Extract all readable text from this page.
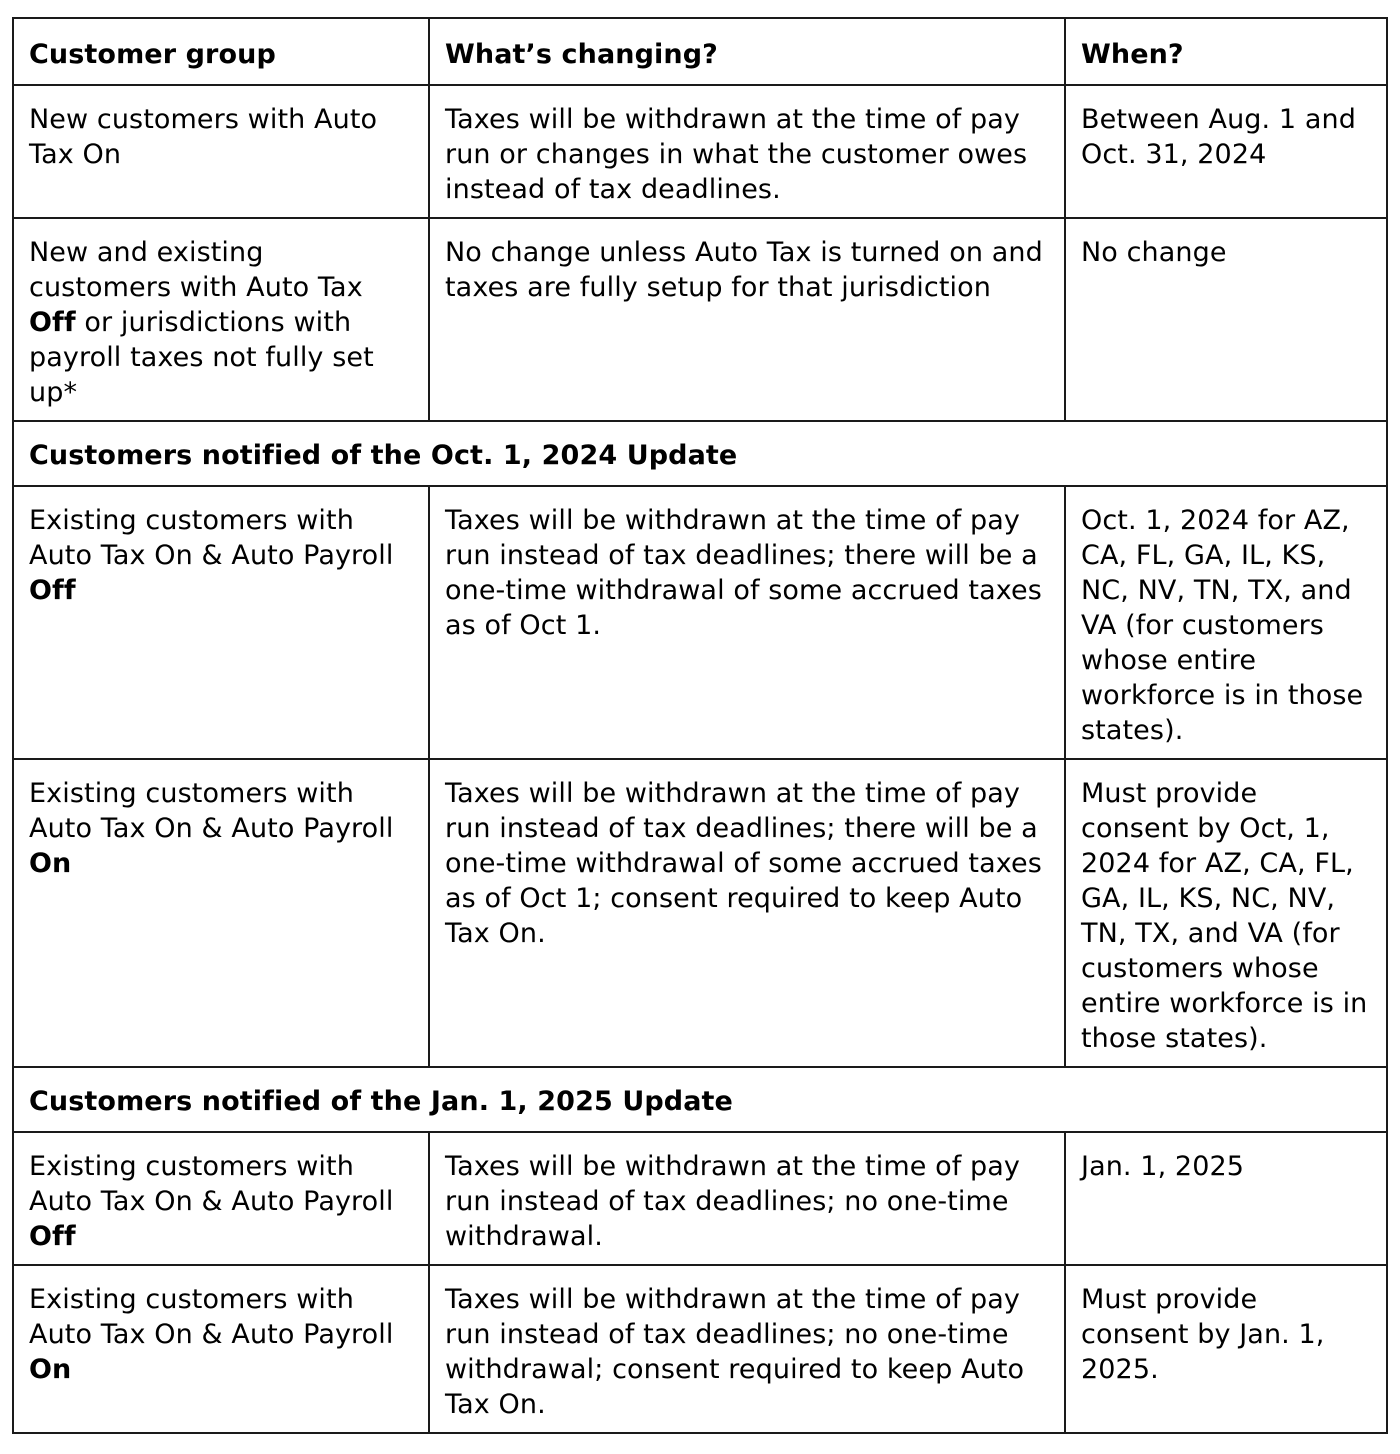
Customer group	What’s changing?	When?
New customers with Auto Tax On	Taxes will be withdrawn at the time of pay run or changes in what the customer owes instead of tax deadlines.	Between Aug. 1 and Oct. 31, 2024
New and existing customers with Auto Tax Off or jurisdictions with payroll taxes not fully set up*	No change unless Auto Tax is turned on and taxes are fully setup for that jurisdiction	No change
Customers notified of the Oct. 1, 2024 Update		
Existing customers with Auto Tax On & Auto Payroll Off	Taxes will be withdrawn at the time of pay run instead of tax deadlines; there will be a one-time withdrawal of some accrued taxes as of Oct 1.	Oct. 1, 2024 for AZ, CA, FL, GA, IL, KS, NC, NV, TN, TX, and VA (for customers whose entire workforce is in those states).
Existing customers with Auto Tax On & Auto Payroll On	Taxes will be withdrawn at the time of pay run instead of tax deadlines; there will be a one-time withdrawal of some accrued taxes as of Oct 1; consent required to keep Auto Tax On.	Must provide consent by Oct, 1, 2024 for AZ, CA, FL, GA, IL, KS, NC, NV, TN, TX, and VA (for customers whose entire workforce is in those states).
Customers notified of the Jan. 1, 2025 Update		
Existing customers with Auto Tax On & Auto Payroll Off	Taxes will be withdrawn at the time of pay run instead of tax deadlines; no one-time withdrawal.	Jan. 1, 2025
Existing customers with Auto Tax On & Auto Payroll On	Taxes will be withdrawn at the time of pay run instead of tax deadlines; no one-time withdrawal; consent required to keep Auto Tax On.	Must provide consent by Jan. 1, 2025.
